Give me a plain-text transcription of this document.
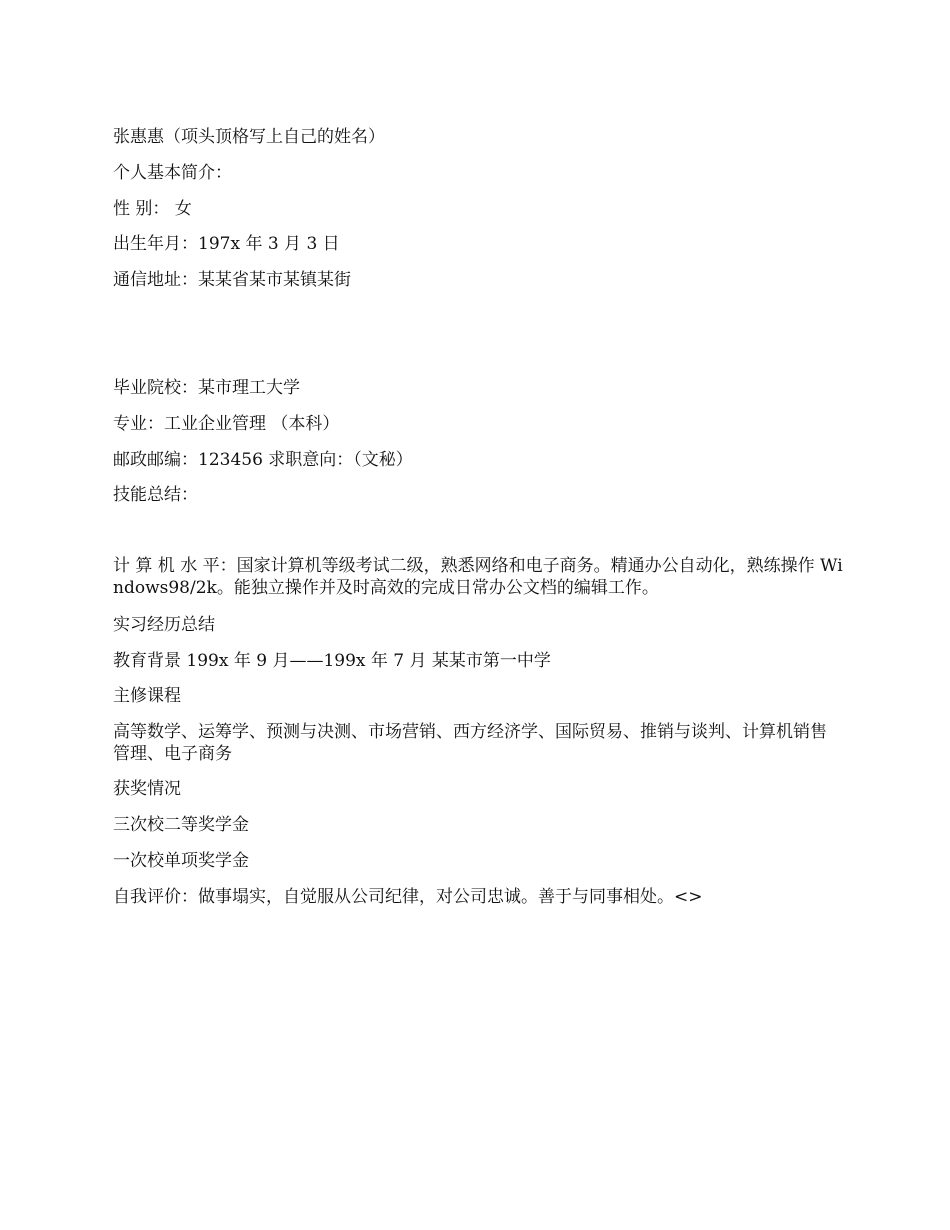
张惠惠（项头顶格写上自己的姓名）
个人基本简介：
性 别： 女
出生年月：197x 年 3 月 3 日
通信地址：某某省某市某镇某街
毕业院校：某市理工大学
专业：工业企业管理 （本科）
邮政邮编：123456 求职意向：（文秘）
技能总结：
计 算 机 水 平：国家计算机等级考试二级，熟悉网络和电子商务。精通办公自动化，熟练操作 Windows98/2k。能独立操作并及时高效的完成日常办公文档的编辑工作。
实习经历总结
教育背景 199x 年 9 月——199x 年 7 月 某某市第一中学
主修课程
高等数学、运筹学、预测与决测、市场营销、西方经济学、国际贸易、推销与谈判、计算机销售管理、电子商务
获奖情况
三次校二等奖学金
一次校单项奖学金
自我评价：做事塌实，自觉服从公司纪律，对公司忠诚。善于与同事相处。<>
